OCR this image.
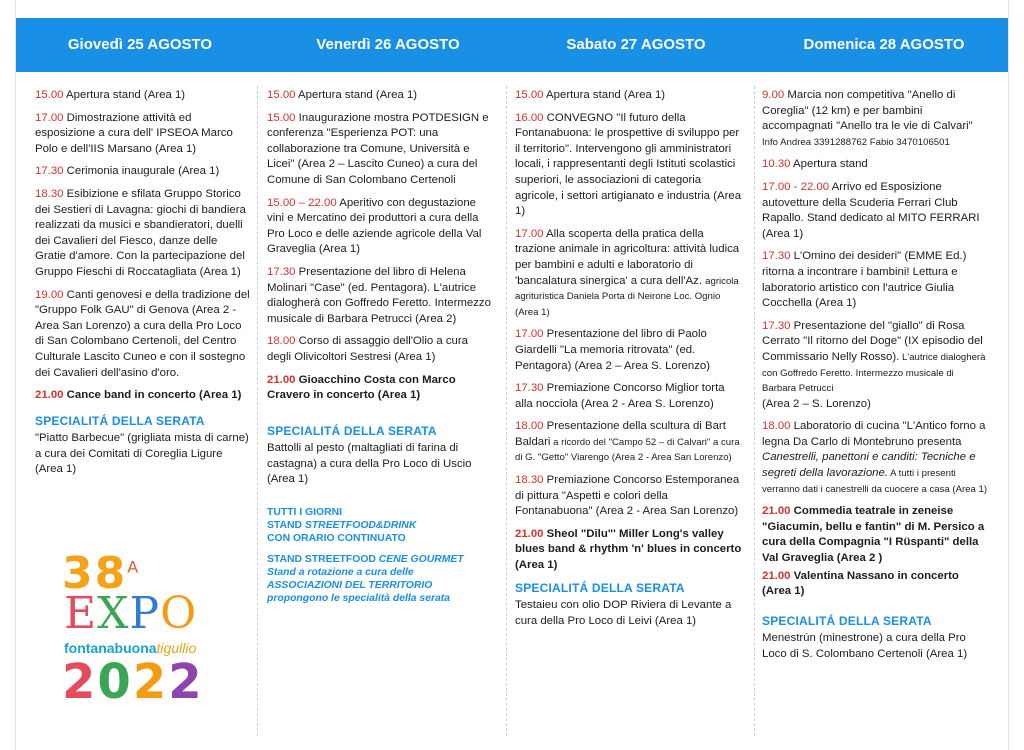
Giovedì 25 AGOSTO	Venerdì 26 AGOSTO	Sabato 27 AGOSTO	Domenica 28 AGOSTO

15.00 Apertura stand (Area 1)

17.00 Dimostrazione attività ed esposizione a cura dell' IPSEOA Marco Polo e dell'IIS Marsano (Area 1)

17.30 Cerimonia inaugurale (Area 1)

18.30 Esibizione e sfilata Gruppo Storico dei Sestieri di Lavagna: giochi di bandiera realizzati da musici e sbandieratori, duelli dei Cavalieri del Fiesco, danze delle Gratie d'amore. Con la partecipazione del Gruppo Fieschi di Roccatagliata (Area 1)

19.00 Canti genovesi e della tradizione del "Gruppo Folk GAU" di Genova (Area 2 - Area San Lorenzo) a cura della Pro Loco di San Colombano Certenoli, del Centro Culturale Lascito Cuneo e con il sostegno dei Cavalieri dell'asino d'oro.

21.00 Cance band in concerto (Area 1)

SPECIALITÁ DELLA SERATA

"Piatto Barbecue" (grigliata mista di carne) a cura dei Comitati di Coreglia Ligure (Area 1)

$38^A$
EXPO
fontanabuonatigullio
2022

15.00 Apertura stand (Area 1)

15.00 Inaugurazione mostra POTDESIGN e conferenza "Esperienza POT: una collaborazione tra Comune, Università e Licei" (Area 2 – Lascito Cuneo) a cura del Comune di San Colombano Certenoli

15.00 – 22.00 Aperitivo con degustazione vini e Mercatino dei produttori a cura della Pro Loco e delle aziende agricole della Val Graveglia (Area 1)

17.30 Presentazione del libro di Helena Molinari "Case" (ed. Pentagora). L'autrice dialogherà con Goffredo Feretto. Intermezzo musicale di Barbara Petrucci (Area 2)

18.00 Corso di assaggio dell'Olio a cura degli Olivicoltori Sestresi (Area 1)

21.00 Gioacchino Costa con Marco Cravero in concerto (Area 1)

SPECIALITÁ DELLA SERATA

Battolli al pesto (maltagliati di farina di castagna) a cura della Pro Loco di Uscio (Area 1)

TUTTI I GIORNI
STAND STREETFOOD&DRINK
CON ORARIO CONTINUATO
STAND STREETFOOD CENE GOURMET
Stand a rotazione a cura delle
ASSOCIAZIONI DEL TERRITORIO
propongono le specialità della serata

15.00 Apertura stand (Area 1)

16.00 CONVEGNO "Il futuro della Fontanabuona: le prospettive di sviluppo per il territorio". Intervengono gli amministratori locali, i rappresentanti degli Istituti scolastici superiori, le associazioni di categoria agricole, i settori artigianato e industria (Area 1)

17.00 Alla scoperta della pratica della trazione animale in agricoltura: attività ludica per bambini e adulti e laboratorio di 'bancalatura sinergica' a cura dell'Az. agricola agrituristica Daniela Porta di Neirone Loc. Ognio (Area 1)

17.00 Presentazione del libro di Paolo Giardelli "La memoria ritrovata" (ed. Pentagora) (Area 2 – Area S. Lorenzo)

17.30 Premiazione Concorso Miglior torta alla nocciola (Area 2 - Area S. Lorenzo)

18.00 Presentazione della scultura di Bart Baldari a ricordo del "Campo 52 – di Calvari" a cura di G. "Getto" Viarengo (Area 2 - Area San Lorenzo)

18.30 Premiazione Concorso Estemporanea di pittura "Aspetti e colori della Fontanabuona" (Area 2 - Area San Lorenzo)

21.00 Sheol "Dilu"' Miller Long's valley blues band & rhythm 'n' blues in concerto (Area 1)

SPECIALITÁ DELLA SERATA

Testaieu con olio DOP Riviera di Levante a cura della Pro Loco di Leivi (Area 1)

9.00 Marcia non competitiva "Anello di Coreglia" (12 km) e per bambini accompagnati "Anello tra le vie di Calvari"
Info Andrea 3391288762 Fabio 3470106501

10.30 Apertura stand

17.00 - 22.00 Arrivo ed Esposizione autovetture della Scuderia Ferrari Club Rapallo. Stand dedicato al MITO FERRARI (Area 1)

17.30 L'Omino dei desideri" (EMME Ed.) ritorna a incontrare i bambini! Lettura e laboratorio artistico con l'autrice Giulia Cocchella (Area 1)

17.30 Presentazione del "giallo" di Rosa Cerrato "Il ritorno del Doge" (IX episodio del Commissario Nelly Rosso). L'autrice dialogherà con Goffredo Feretto. Intermezzo musicale di Barbara Petrucci
(Area 2 – S. Lorenzo)

18.00 Laboratorio di cucina "L'Antico forno a legna Da Carlo di Montebruno presenta Canestrelli, panettoni e canditi: Tecniche e segreti della lavorazione. A tutti i presenti verranno dati i canestrelli da cuocere a casa (Area 1)

21.00 Commedia teatrale in zeneise "Giacumin, bellu e fantin" di M. Persico a cura della Compagnia "I Rüspanti" della Val Graveglia (Area 2 )

21.00 Valentina Nassano in concerto (Area 1)

SPECIALITÁ DELLA SERATA

Menestrún (minestrone) a cura della Pro Loco di S. Colombano Certenoli (Area 1)
